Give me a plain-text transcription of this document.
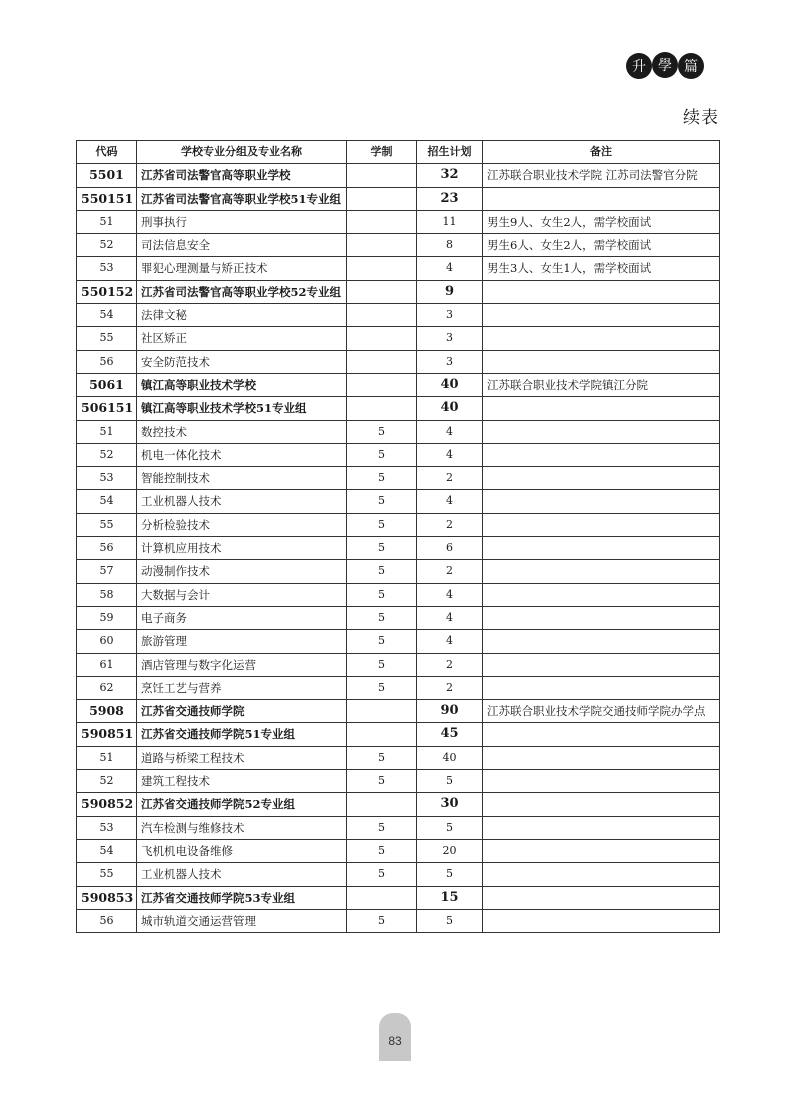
升 學 篇
续表
代码	学校专业分组及专业名称	学制	招生计划	备注
5501	江苏省司法警官高等职业学校		32	江苏联合职业技术学院 江苏司法警官分院
550151	江苏省司法警官高等职业学校51专业组		23	
51	刑事执行		11	男生9人、女生2人，需学校面试
52	司法信息安全		8	男生6人、女生2人，需学校面试
53	罪犯心理测量与矫正技术		4	男生3人、女生1人，需学校面试
550152	江苏省司法警官高等职业学校52专业组		9	
54	法律文秘		3	
55	社区矫正		3	
56	安全防范技术		3	
5061	镇江高等职业技术学校		40	江苏联合职业技术学院镇江分院
506151	镇江高等职业技术学校51专业组		40	
51	数控技术	5	4	
52	机电一体化技术	5	4	
53	智能控制技术	5	2	
54	工业机器人技术	5	4	
55	分析检验技术	5	2	
56	计算机应用技术	5	6	
57	动漫制作技术	5	2	
58	大数据与会计	5	4	
59	电子商务	5	4	
60	旅游管理	5	4	
61	酒店管理与数字化运营	5	2	
62	烹饪工艺与营养	5	2	
5908	江苏省交通技师学院		90	江苏联合职业技术学院交通技师学院办学点
590851	江苏省交通技师学院51专业组		45	
51	道路与桥梁工程技术	5	40	
52	建筑工程技术	5	5	
590852	江苏省交通技师学院52专业组		30	
53	汽车检测与维修技术	5	5	
54	飞机机电设备维修	5	20	
55	工业机器人技术	5	5	
590853	江苏省交通技师学院53专业组		15	
56	城市轨道交通运营管理	5	5	
83
